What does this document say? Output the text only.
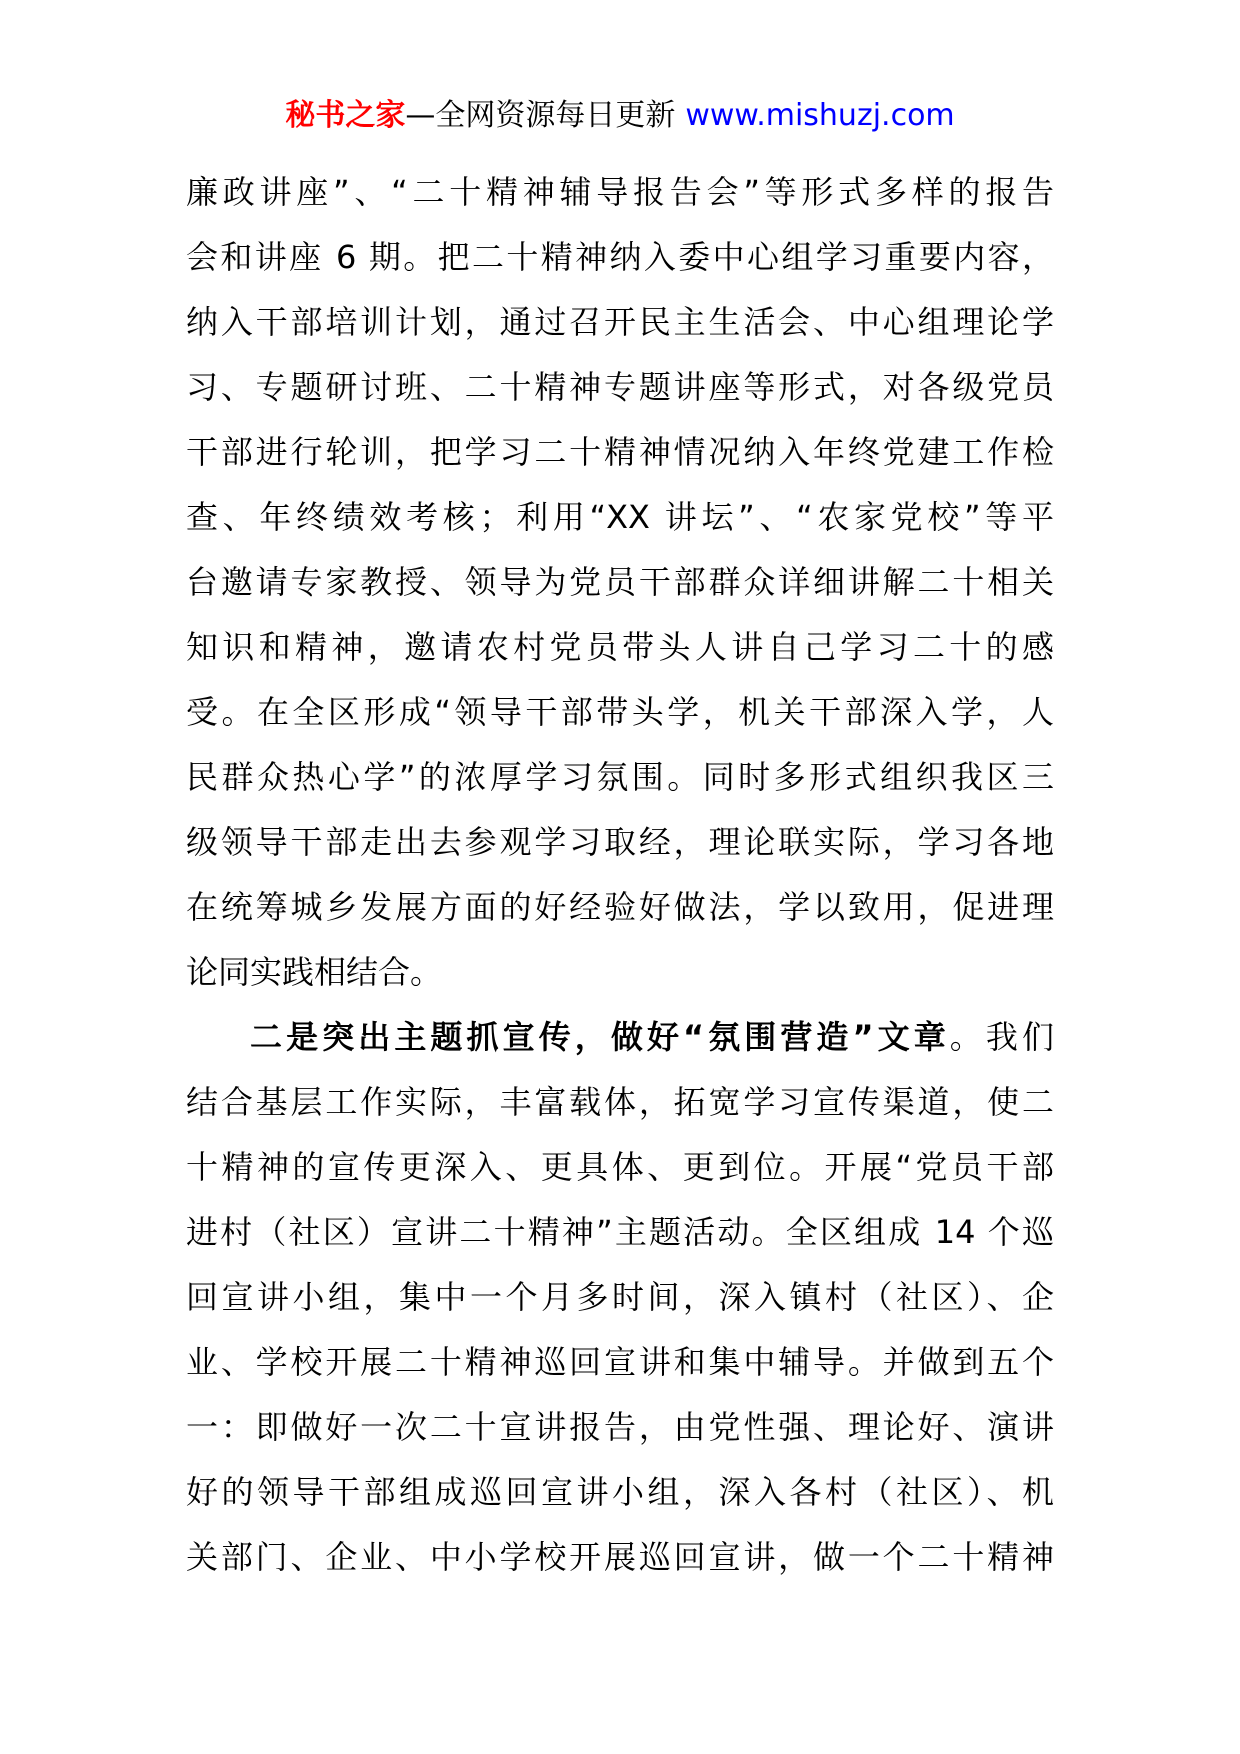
秘书之家—全网资源每日更新 www.mishuzj.com
廉政讲座”、“二十精神辅导报告会”等形式多样的报告
会和讲座 6 期。把二十精神纳入委中心组学习重要内容，
纳入干部培训计划，通过召开民主生活会、中心组理论学
习、专题研讨班、二十精神专题讲座等形式，对各级党员
干部进行轮训，把学习二十精神情况纳入年终党建工作检
查、年终绩效考核；利用“XX 讲坛”、“农家党校”等平
台邀请专家教授、领导为党员干部群众详细讲解二十相关
知识和精神，邀请农村党员带头人讲自己学习二十的感
受。在全区形成“领导干部带头学，机关干部深入学，人
民群众热心学”的浓厚学习氛围。同时多形式组织我区三
级领导干部走出去参观学习取经，理论联实际，学习各地
在统筹城乡发展方面的好经验好做法，学以致用，促进理
论同实践相结合。
二是突出主题抓宣传，做好“氛围营造”文章。我们
结合基层工作实际，丰富载体，拓宽学习宣传渠道，使二
十精神的宣传更深入、更具体、更到位。开展“党员干部
进村（社区）宣讲二十精神”主题活动。全区组成 14 个巡
回宣讲小组，集中一个月多时间，深入镇村（社区）、企
业、学校开展二十精神巡回宣讲和集中辅导。并做到五个
一：即做好一次二十宣讲报告，由党性强、理论好、演讲
好的领导干部组成巡回宣讲小组，深入各村（社区）、机
关部门、企业、中小学校开展巡回宣讲，做一个二十精神
